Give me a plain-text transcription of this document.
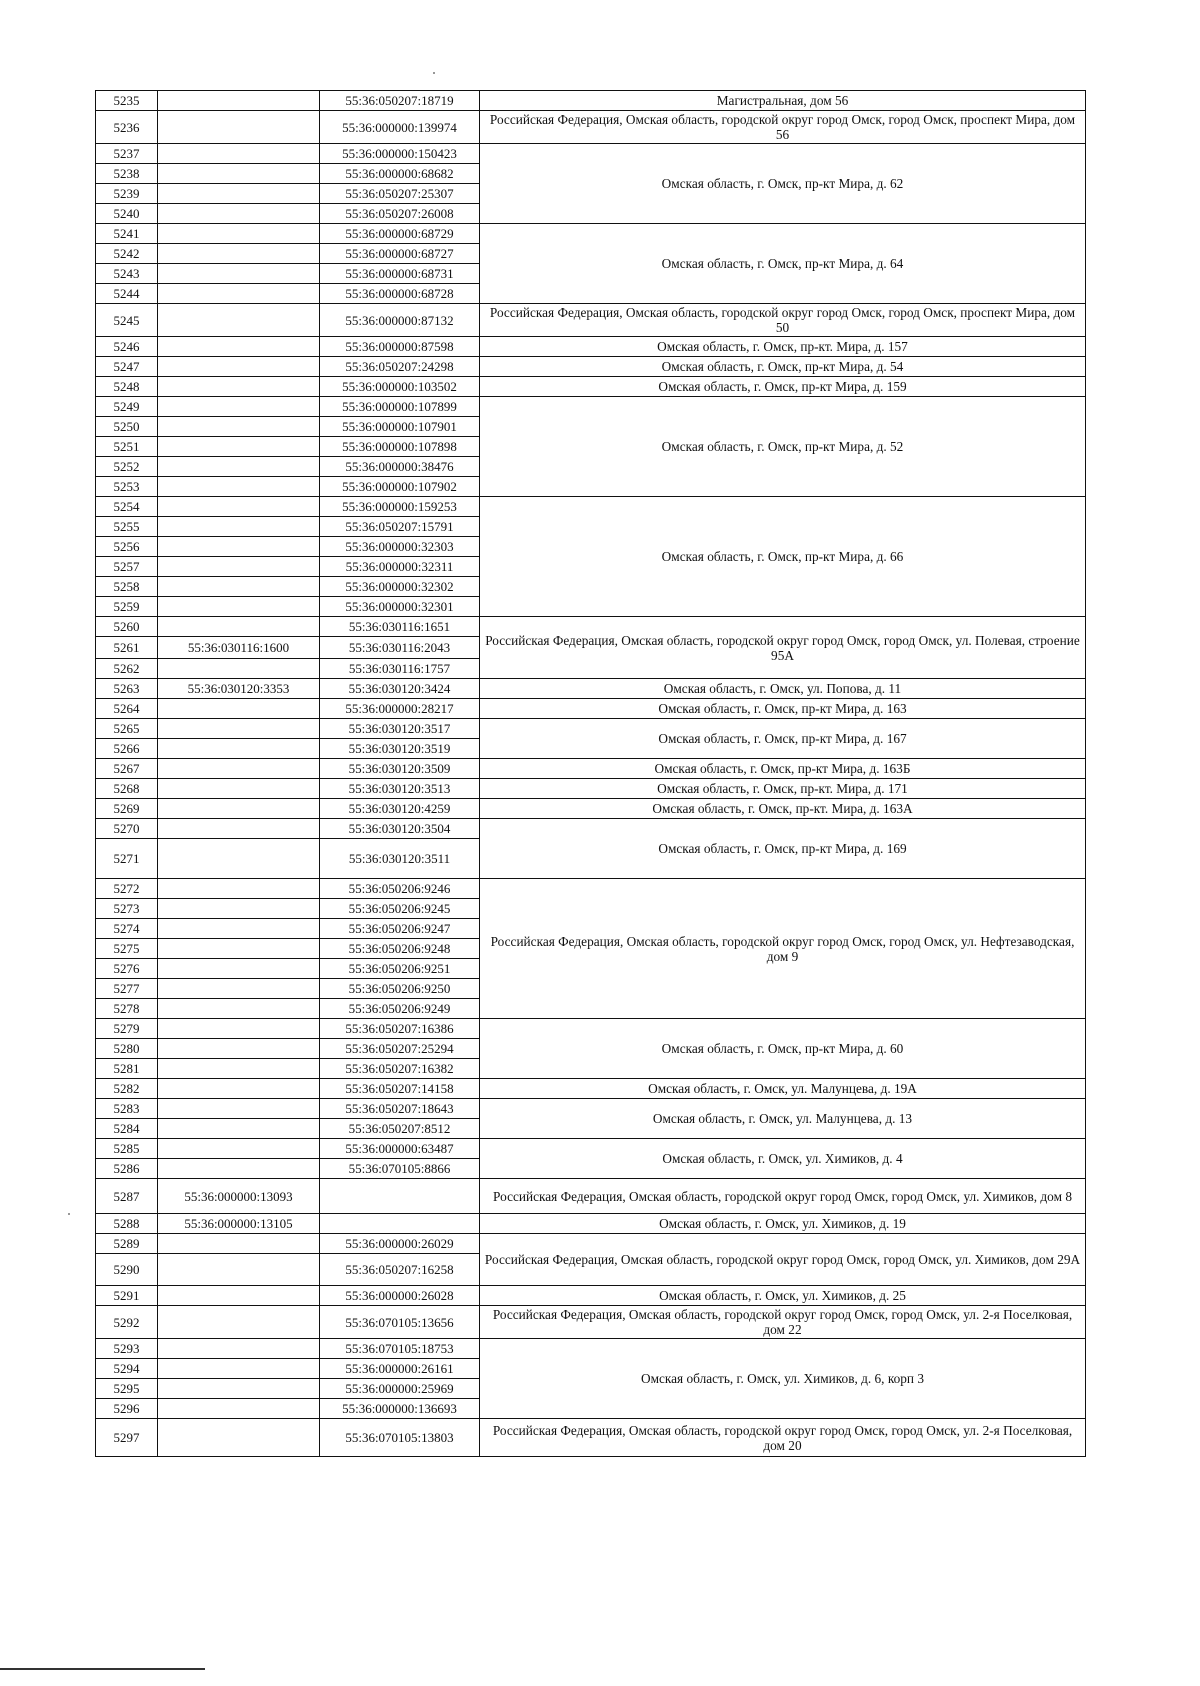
5235		55:36:050207:18719	Магистральная, дом 56
5236		55:36:000000:139974	Российская Федерация, Омская область, городской округ город Омск, город Омск, проспект Мира, дом 56
5237		55:36:000000:150423	Омская область, г. Омск, пр-кт Мира, д. 62
5238		55:36:000000:68682	
5239		55:36:050207:25307	
5240		55:36:050207:26008	
5241		55:36:000000:68729	Омская область, г. Омск, пр-кт Мира, д. 64
5242		55:36:000000:68727	
5243		55:36:000000:68731	
5244		55:36:000000:68728	
5245		55:36:000000:87132	Российская Федерация, Омская область, городской округ город Омск, город Омск, проспект Мира, дом 50
5246		55:36:000000:87598	Омская область, г. Омск, пр-кт. Мира, д. 157
5247		55:36:050207:24298	Омская область, г. Омск, пр-кт Мира, д. 54
5248		55:36:000000:103502	Омская область, г. Омск, пр-кт Мира, д. 159
5249		55:36:000000:107899	Омская область, г. Омск, пр-кт Мира, д. 52
5250		55:36:000000:107901	
5251		55:36:000000:107898	
5252		55:36:000000:38476	
5253		55:36:000000:107902	
5254		55:36:000000:159253	Омская область, г. Омск, пр-кт Мира, д. 66
5255		55:36:050207:15791	
5256		55:36:000000:32303	
5257		55:36:000000:32311	
5258		55:36:000000:32302	
5259		55:36:000000:32301	
5260		55:36:030116:1651	Российская Федерация, Омская область, городской округ город Омск, город Омск, ул. Полевая, строение 95А
5261	55:36:030116:1600	55:36:030116:2043	
5262		55:36:030116:1757	
5263	55:36:030120:3353	55:36:030120:3424	Омская область, г. Омск, ул. Попова, д. 11
5264		55:36:000000:28217	Омская область, г. Омск, пр-кт Мира, д. 163
5265		55:36:030120:3517	Омская область, г. Омск, пр-кт Мира, д. 167
5266		55:36:030120:3519	
5267		55:36:030120:3509	Омская область, г. Омск, пр-кт Мира, д. 163Б
5268		55:36:030120:3513	Омская область, г. Омск, пр-кт. Мира, д. 171
5269		55:36:030120:4259	Омская область, г. Омск, пр-кт. Мира, д. 163А
5270		55:36:030120:3504	Омская область, г. Омск, пр-кт Мира, д. 169
5271		55:36:030120:3511	
5272		55:36:050206:9246	Российская Федерация, Омская область, городской округ город Омск, город Омск, ул. Нефтезаводская, дом 9
5273		55:36:050206:9245	
5274		55:36:050206:9247	
5275		55:36:050206:9248	
5276		55:36:050206:9251	
5277		55:36:050206:9250	
5278		55:36:050206:9249	
5279		55:36:050207:16386	Омская область, г. Омск, пр-кт Мира, д. 60
5280		55:36:050207:25294	
5281		55:36:050207:16382	
5282		55:36:050207:14158	Омская область, г. Омск, ул. Малунцева, д. 19А
5283		55:36:050207:18643	Омская область, г. Омск, ул. Малунцева, д. 13
5284		55:36:050207:8512	
5285		55:36:000000:63487	Омская область, г. Омск, ул. Химиков, д. 4
5286		55:36:070105:8866	
5287	55:36:000000:13093		Российская Федерация, Омская область, городской округ город Омск, город Омск, ул. Химиков, дом 8
5288	55:36:000000:13105		Омская область, г. Омск, ул. Химиков, д. 19
5289		55:36:000000:26029	Российская Федерация, Омская область, городской округ город Омск, город Омск, ул. Химиков, дом 29А
5290		55:36:050207:16258	
5291		55:36:000000:26028	Омская область, г. Омск, ул. Химиков, д. 25
5292		55:36:070105:13656	Российская Федерация, Омская область, городской округ город Омск, город Омск, ул. 2-я Поселковая, дом 22
5293		55:36:070105:18753	Омская область, г. Омск, ул. Химиков, д. 6, корп 3
5294		55:36:000000:26161	
5295		55:36:000000:25969	
5296		55:36:000000:136693	
5297		55:36:070105:13803	Российская Федерация, Омская область, городской округ город Омск, город Омск, ул. 2-я Поселковая, дом 20
